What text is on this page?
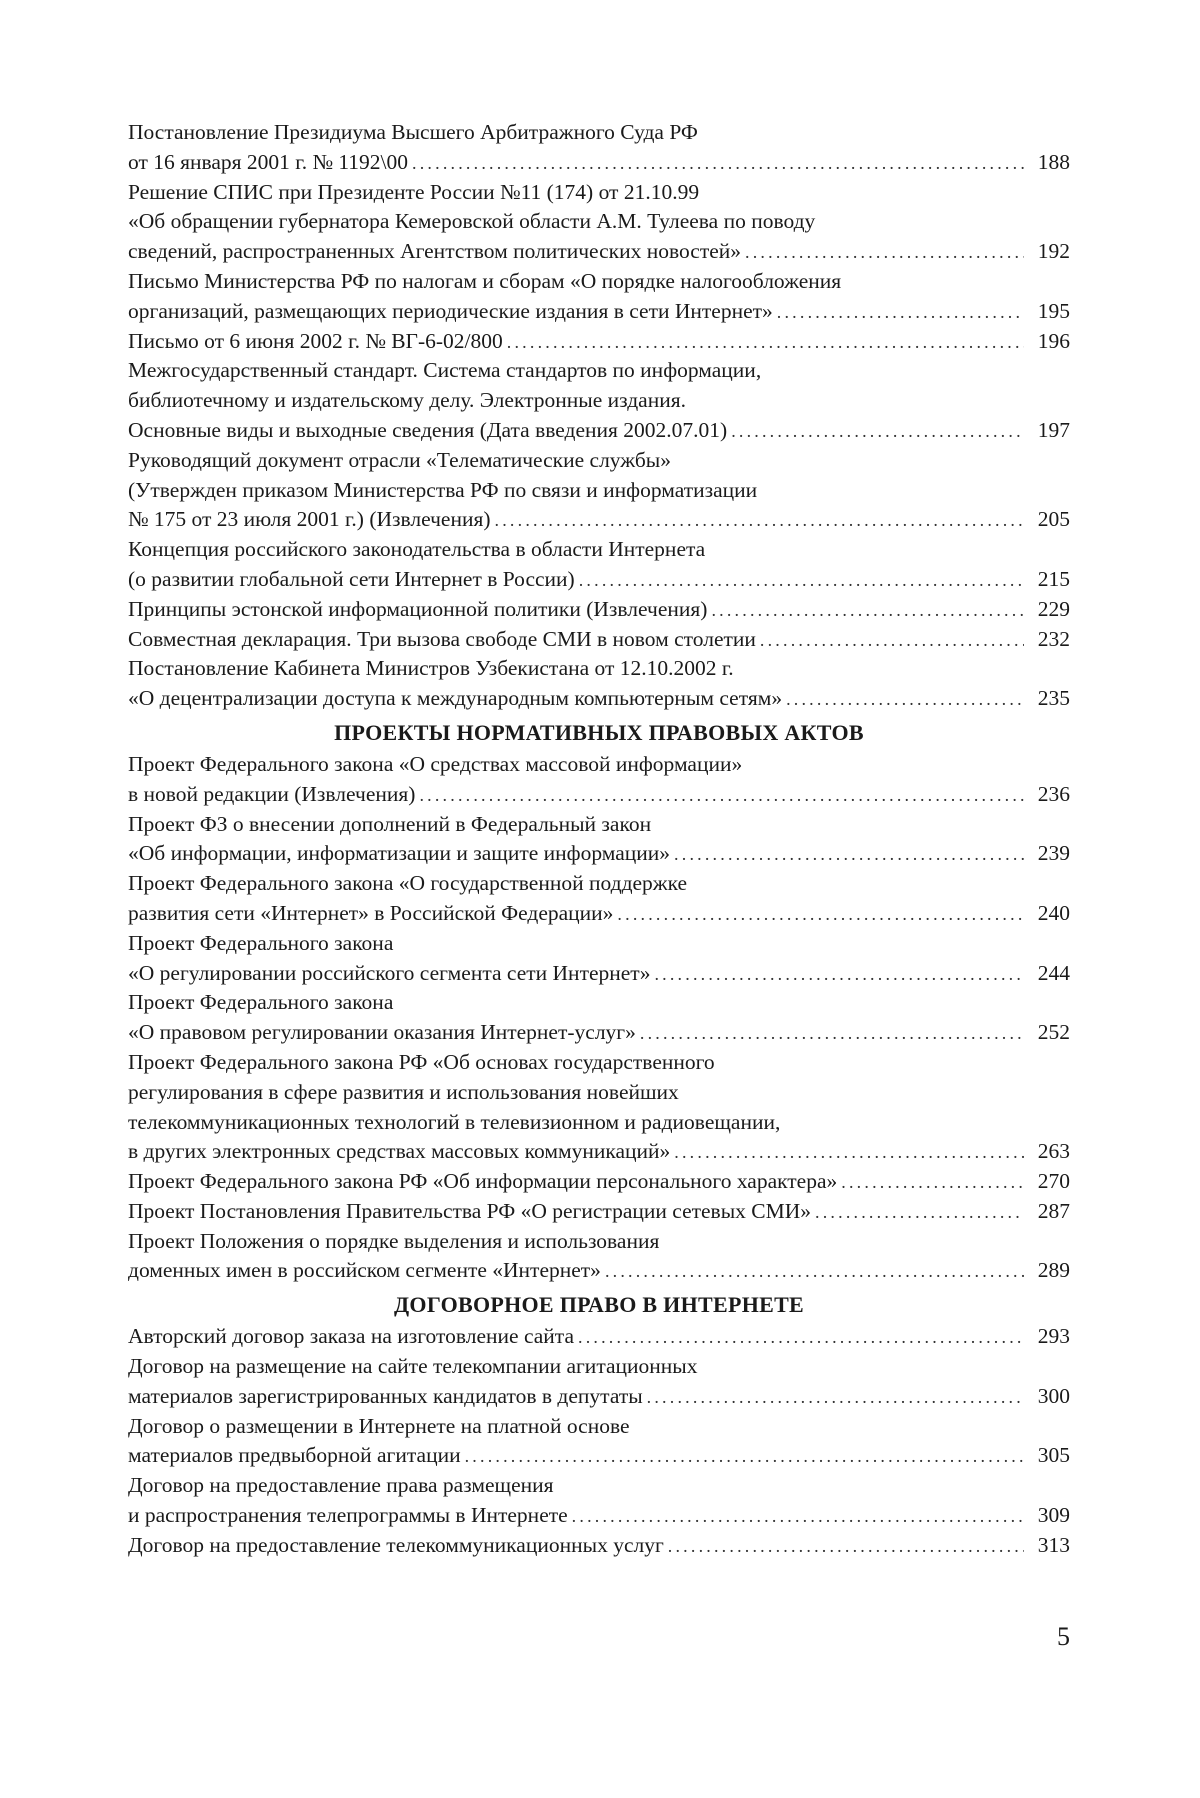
Постановление Президиума Высшего Арбитражного Суда РФ
от 16 января 2001 г. № 1192\00 .....	188
Решение СПИС при Президенте России №11 (174) от 21.10.99
«Об обращении губернатора Кемеровской области А.М. Тулеева по поводу
сведений, распространенных Агентством политических новостей» .....	192
Письмо Министерства РФ по налогам и сборам «О порядке налогообложения
организаций, размещающих периодические издания в сети Интернет» .....	195
Письмо от 6 июня 2002 г. № ВГ-6-02/800 .....	196
Межгосударственный стандарт. Система стандартов по информации,
библиотечному и издательскому делу. Электронные издания.
Основные виды и выходные сведения (Дата введения 2002.07.01) .....	197
Руководящий документ отрасли «Телематические службы»
(Утвержден приказом Министерства РФ по связи и информатизации
№ 175 от 23 июля 2001 г.) (Извлечения) .....	205
Концепция российского законодательства в области Интернета
(о развитии глобальной сети Интернет в России) .....	215
Принципы эстонской информационной политики (Извлечения) .....	229
Совместная декларация. Три вызова свободе СМИ в новом столетии .....	232
Постановление Кабинета Министров Узбекистана от 12.10.2002 г.
«О децентрализации доступа к международным компьютерным сетям» .....	235
ПРОЕКТЫ НОРМАТИВНЫХ ПРАВОВЫХ АКТОВ
Проект Федерального закона «О средствах массовой информации»
в новой редакции (Извлечения) .....	236
Проект ФЗ о внесении дополнений в Федеральный закон
«Об информации, информатизации и защите информации» .....	239
Проект Федерального закона «О государственной поддержке
развития сети «Интернет» в Российской Федерации» .....	240
Проект Федерального закона
«О регулировании российского сегмента сети Интернет» .....	244
Проект Федерального закона
«О правовом регулировании оказания Интернет-услуг» .....	252
Проект Федерального закона РФ «Об основах государственного
регулирования в сфере развития и использования новейших
телекоммуникационных технологий в телевизионном и радиовещании,
в других электронных средствах массовых коммуникаций» .....	263
Проект Федерального закона РФ «Об информации персонального характера» .....	270
Проект Постановления Правительства РФ «О регистрации сетевых СМИ» .....	287
Проект Положения о порядке выделения и использования
доменных имен в российском сегменте «Интернет» .....	289
ДОГОВОРНОЕ ПРАВО В ИНТЕРНЕТЕ
Авторский договор заказа на изготовление сайта .....	293
Договор на размещение на сайте телекомпании агитационных
материалов зарегистрированных кандидатов в депутаты .....	300
Договор о размещении в Интернете на платной основе
материалов предвыборной агитации .....	305
Договор на предоставление права размещения
и распространения телепрограммы в Интернете .....	309
Договор на предоставление телекоммуникационных услуг .....	313
5
